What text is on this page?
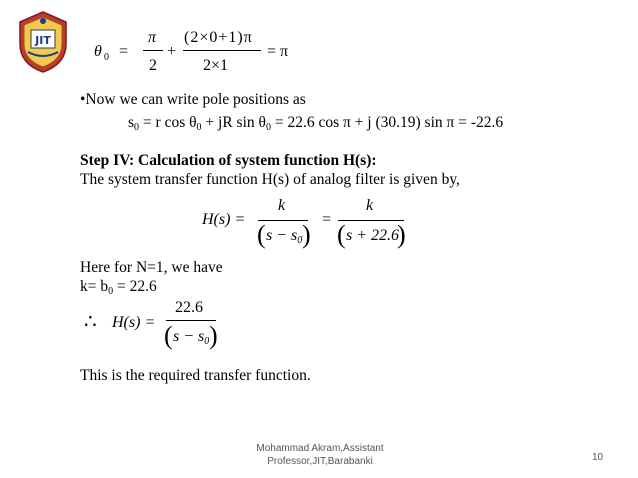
JIT
θ 0 =
π
2
+
(2×0+1)π
2×1
= π
•Now we can write pole positions as
$s_0 = r$ $\cos \theta_0$ + jR $\sin \theta_0 = 22.6$ cos π + j (30.19) sin π = -22.6
Step IV: Calculation of system function H(s):
The system transfer function H(s) of analog filter is given by,
H(s) =
k
( $s - s_0$ )
=
k
( s + 22.6
)
Here for N=1, we have
$k= b_0 = 22.6$
∴ H(s) =
22.6
( $s - s_0$ )
This is the required transfer function.
Mohammad Akram,Assistant
Professor,JIT,Barabanki	10
